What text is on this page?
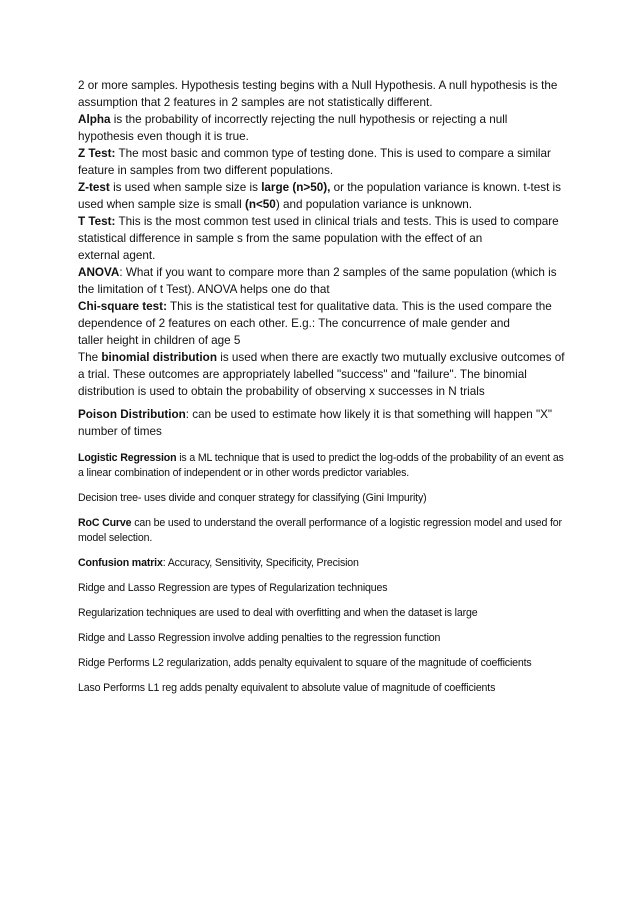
2 or more samples. Hypothesis testing begins with a Null Hypothesis. A null hypothesis is the assumption that 2 features in 2 samples are not statistically different.

Alpha is the probability of incorrectly rejecting the null hypothesis or rejecting a null hypothesis even though it is true.

Z Test: The most basic and common type of testing done. This is used to compare a similar feature in samples from two different populations.

Z-test is used when sample size is large (n>50), or the population variance is known. t-test is used when sample size is small (n<50) and population variance is unknown.

T Test: This is the most common test used in clinical trials and tests. This is used to compare statistical difference in sample s from the same population with the effect of an

external agent.

ANOVA: What if you want to compare more than 2 samples of the same population (which is the limitation of t Test). ANOVA helps one do that

Chi-square test: This is the statistical test for qualitative data. This is the used compare the dependence of 2 features on each other. E.g.: The concurrence of male gender and

taller height in children of age 5

The binomial distribution is used when there are exactly two mutually exclusive outcomes of a trial. These outcomes are appropriately labelled "success" and "failure". The binomial distribution is used to obtain the probability of observing x successes in N trials

Poison Distribution: can be used to estimate how likely it is that something will happen "X" number of times

Logistic Regression is a ML technique that is used to predict the log-odds of the probability of an event as a linear combination of independent or in other words predictor variables.

Decision tree- uses divide and conquer strategy for classifying (Gini Impurity)

RoC Curve can be used to understand the overall performance of a logistic regression model and used for model selection.

Confusion matrix: Accuracy, Sensitivity, Specificity, Precision

Ridge and Lasso Regression are types of Regularization techniques

Regularization techniques are used to deal with overfitting and when the dataset is large

Ridge and Lasso Regression involve adding penalties to the regression function

Ridge Performs L2 regularization, adds penalty equivalent to square of the magnitude of coefficients

Laso Performs L1 reg adds penalty equivalent to absolute value of magnitude of coefficients
